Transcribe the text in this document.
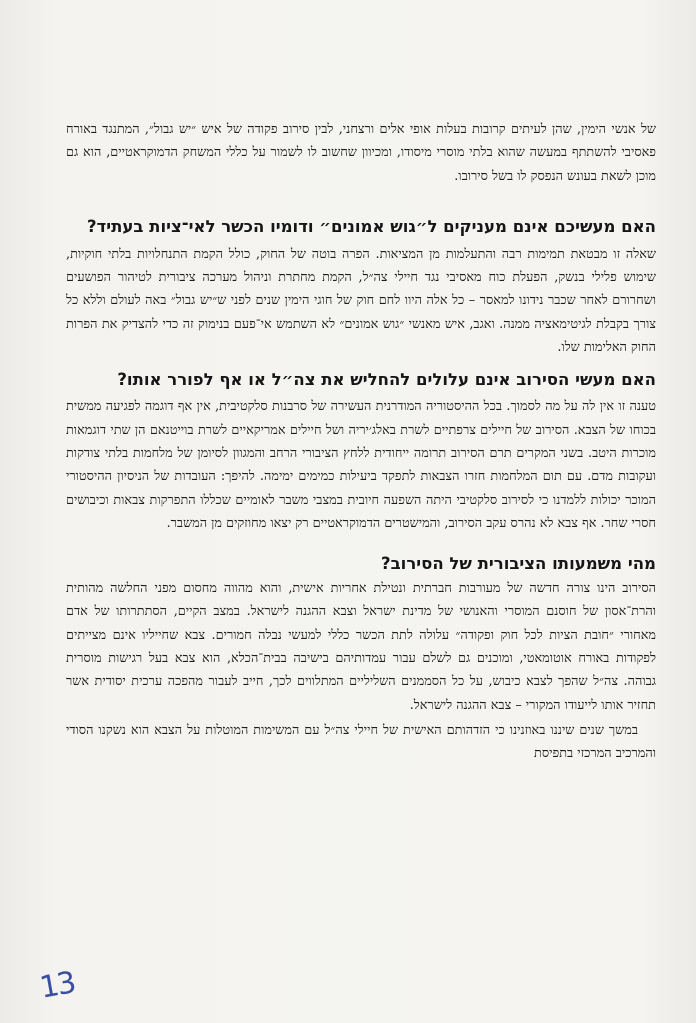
של אנשי הימין, שהן לעיתים קרובות בעלות אופי אלים ורצחני, לבין סירוב פקודה של איש ״יש גבול״, המתנגד באורח פאסיבי להשתתף במעשה שהוא בלתי מוסרי מיסודו, ומכיוון שחשוב לו לשמור על כללי המשחק הדמוקראטיים, הוא גם מוכן לשאת בעונש הנפסק לו בשל סירובו.

האם מעשיכם אינם מעניקים ל״גוש אמונים״ ודומיו הכשר לאי־ציות בעתיד?

שאלה זו מבטאת תמימות רבה והתעלמות מן המציאות. הפרה בוטה של החוק, כולל הקמת התנחלויות בלתי חוקיות, שימוש פלילי בנשק, הפעלת כוח מאסיבי נגד חיילי צה״ל, הקמת מחתרת וניהול מערכה ציבורית לטיהור הפושעים ושחרורם לאחר שכבר נידונו למאסר – כל אלה היוו לחם חוק של חוגי הימין שנים לפני ש״יש גבול״ באה לעולם וללא כל צורך בקבלת לגיטימאציה ממנה. ואגב, איש מאנשי ״גוש אמונים״ לא השתמש אי־פעם בנימוק זה כדי להצדיק את הפרות החוק האלימות שלו.

האם מעשי הסירוב אינם עלולים להחליש את צה״ל או אף לפורר אותו?

טענה זו אין לה על מה לסמוך. בכל ההיסטוריה המודרנית העשירה של סרבנות סלקטיבית, אין אף דוגמה לפגיעה ממשית בכוחו של הצבא. הסירוב של חיילים צרפתיים לשרת באלג׳יריה ושל חיילים אמריקאיים לשרת בוייטנאם הן שתי דוגמאות מוכרות היטב. בשני המקרים תרם הסירוב תרומה ייחודית ללחץ הציבורי הרחב והמגוון לסיומן של מלחמות בלתי צודקות ועקובות מדם. עם תום המלחמות חזרו הצבאות לתפקד ביעילות כמימים ימימה. להיפך: העובדות של הניסיון ההיסטורי המוכר יכולות ללמדנו כי לסירוב סלקטיבי היתה השפעה חיובית במצבי משבר לאומיים שכללו התפרקות צבאות וכיבושים חסרי שחר. אף צבא לא נהרס עקב הסירוב, והמישטרים הדמוקראטיים רק יצאו מחוזקים מן המשבר.

מהי משמעותו הציבורית של הסירוב?

הסירוב הינו צורה חדשה של מעורבות חברתית ונטילת אחריות אישית, והוא מהווה מחסום מפני החלשה מהותית והרת־אסון של חוסנם המוסרי והאנושי של מדינת ישראל וצבא ההגנה לישראל. במצב הקיים, הסתתרותו של אדם מאחורי ״חובת הציות לכל חוק ופקודה״ עלולה לתת הכשר כללי למעשי נבלה חמורים. צבא שחייליו אינם מצייתים לפקודות באורח אוטומאטי, ומוכנים גם לשלם עבור עמדותיהם בישיבה בבית־הכלא, הוא צבא בעל רגישות מוסרית גבוהה. צה״ל שהפך לצבא כיבוש, על כל הסממנים השליליים המתלווים לכך, חייב לעבור מהפכה ערכית יסודית אשר תחזיר אותו לייעודו המקורי – צבא ההגנה לישראל.

במשך שנים שיננו באוזנינו כי הזדהותם האישית של חיילי צה״ל עם המשימות המוטלות על הצבא הוא נשקנו הסודי והמרכיב המרכזי בתפיסת

13
